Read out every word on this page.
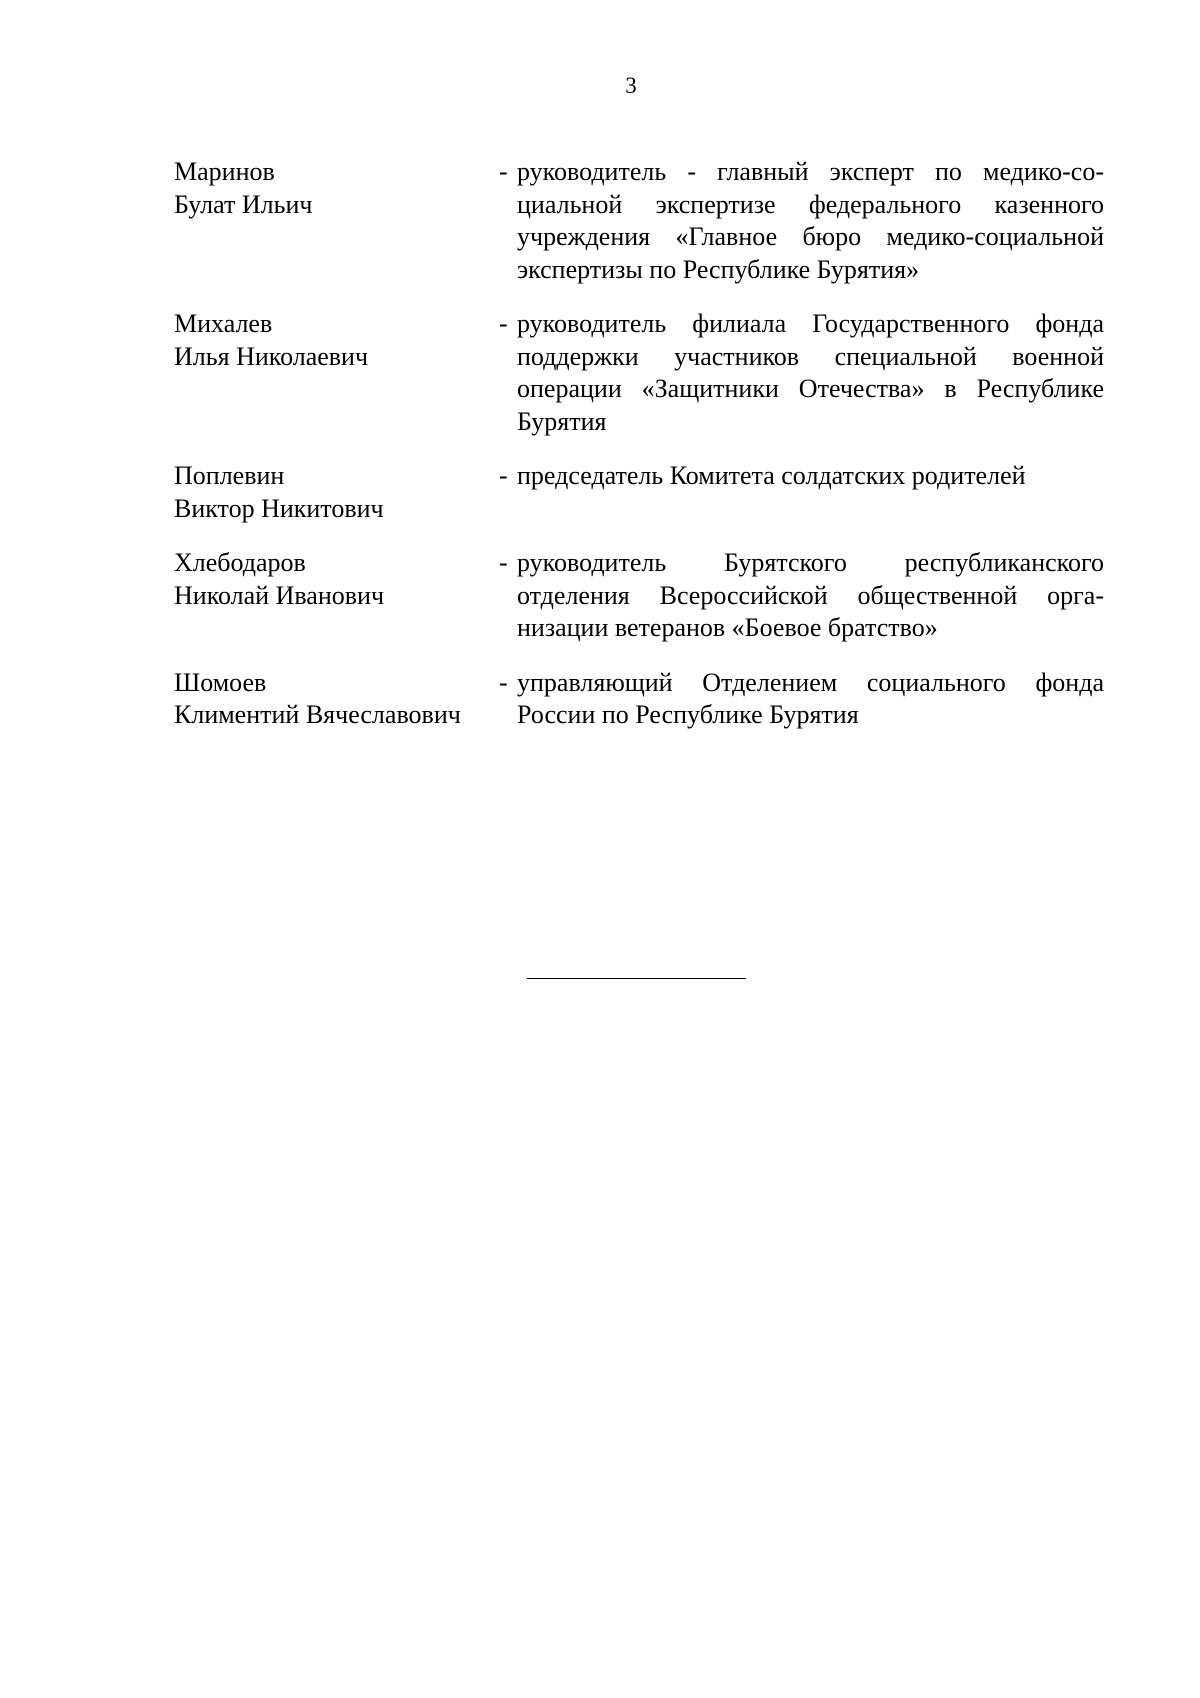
3
Маринов
Булат Ильич
- руководитель - главный эксперт по медико-социальной экспертизе федерального казенного учреждения «Главное бюро медико-социальной экспертизы по Республике Бурятия»
Михалев
Илья Николаевич
- руководитель филиала Государственного фонда поддержки участников специальной военной операции «Защитники Отечества» в Республике Бурятия
Поплевин
Виктор Никитович
- председатель Комитета солдатских родителей
Хлебодаров
Николай Иванович
- руководитель Бурятского республиканского отделения Всероссийской общественной организации ветеранов «Боевое братство»
Шомоев
Климентий Вячеславович
- управляющий Отделением социального фонда России по Республике Бурятия
